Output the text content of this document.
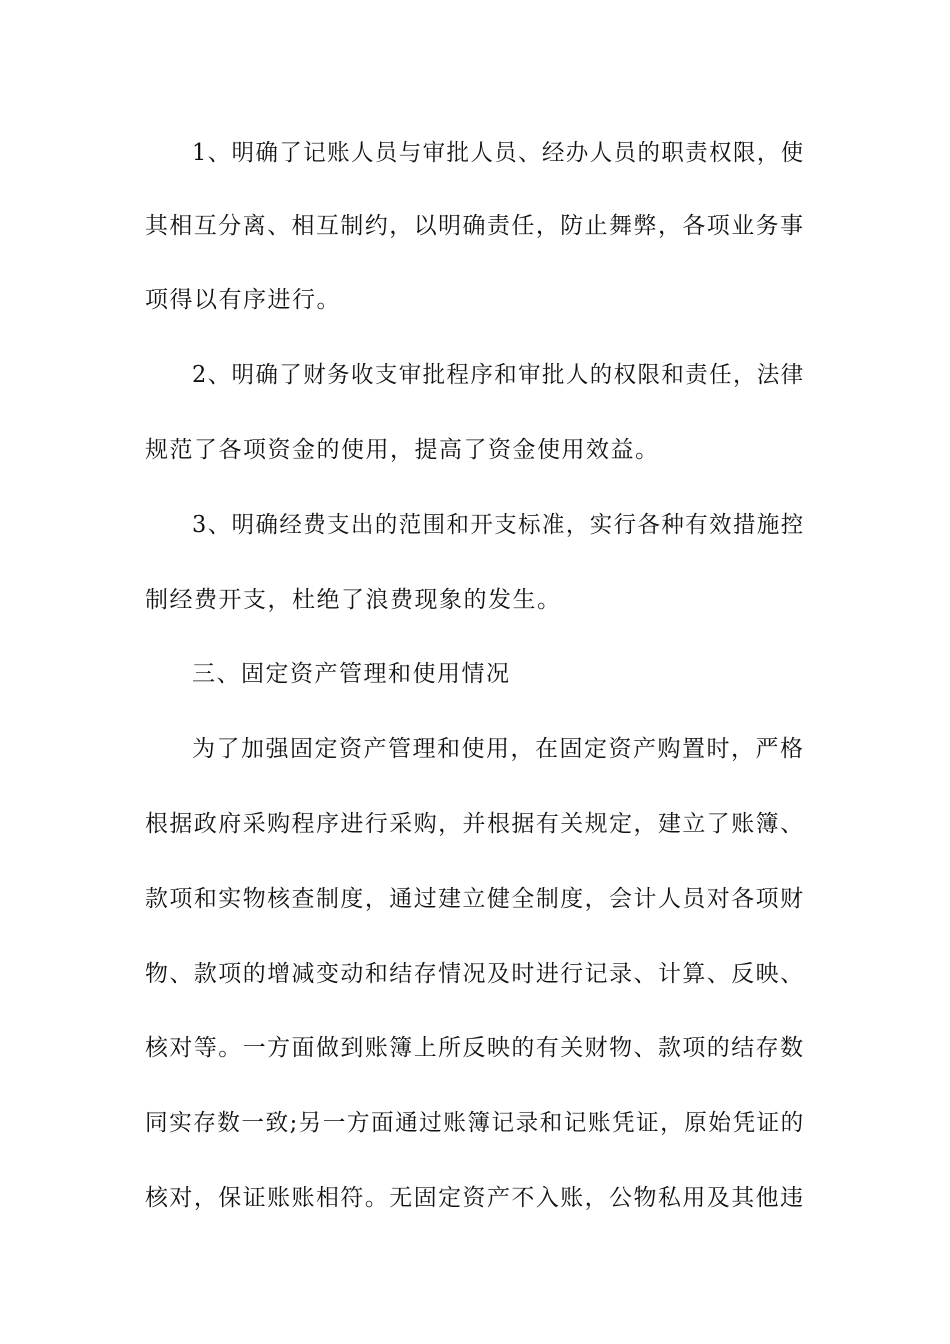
1、明确了记账人员与审批人员、经办人员的职责权限，使
其相互分离、相互制约，以明确责任，防止舞弊，各项业务事
项得以有序进行。
2、明确了财务收支审批程序和审批人的权限和责任，法律
规范了各项资金的使用，提高了资金使用效益。
3、明确经费支出的范围和开支标准，实行各种有效措施控
制经费开支，杜绝了浪费现象的发生。
三、固定资产管理和使用情况
为了加强固定资产管理和使用，在固定资产购置时，严格
根据政府采购程序进行采购，并根据有关规定，建立了账簿、
款项和实物核查制度，通过建立健全制度，会计人员对各项财
物、款项的增减变动和结存情况及时进行记录、计算、反映、
核对等。一方面做到账簿上所反映的有关财物、款项的结存数
同实存数一致;另一方面通过账簿记录和记账凭证，原始凭证的
核对，保证账账相符。无固定资产不入账，公物私用及其他违
